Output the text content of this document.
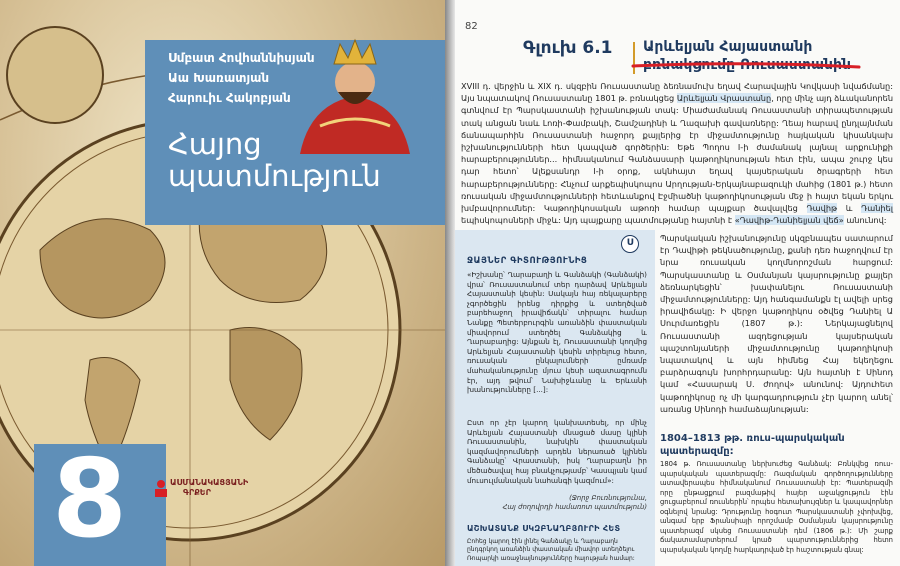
Սմբատ Հովհաննիսյան
Աա Խառատյան
Հարուիւ Հակոբյան
Հայոց
պատմություն
8	ԱՍՄԱՆԱԿԱՑՅԱՆԻ ԳՐՔԵՐ
82
Գլուխ 6.1 Արևելյան Հայաստանի
բռնակցումը Ռուսաստանին
XVIII դ. վերջին և XIX դ. սկզբին Ռուսաստանը ձեռնամուխ եղավ Հարավային Կովկասի նվաճմանը: Այս նպատակով Ռուսաստանը 1801 թ. բռնակցեց Արևելյան Վրաստանը, որը մինչ այդ ձևականորեն գտնվում էր Պարսկաստանի իշխանության տակ: Միաժամանակ Ռուսաստանի տիրապետության տակ անցան նաև Լոռի-Փամբակի, Շամշադինի և Ղազախի գավառները: Ղեայ հարավ ընդլայնման ճանապարհին Ռուսաստանի հաջորդ քայլերից էր միջամտությունը հայկական կիսանկախ իշխանությունների հետ կապված գործերին: Եթե Պողոս I-ի ժամանակ լայնալ արքունիքի հարաբերություններ... հիմնականում Գանձասարի կաթողիկոսության հետ էին, ապա շուրջ կես դար հետո՝ Ալեքսանդր I-ի օրոք, ակնհայտ եղավ կայսերական ծրագրերի հետ հարաբերությունները: Հնչում արքեպիսկոպոս Արղության-Երկայնաբազուկի մահից (1801 թ.) հետո ռուսական միջամտությունների հետևանքով Էջմիածնի կաթողիկոսության մեջ ի հայտ եկան երկու խմբավորումներ: Կաթողիկոսական աթոռի համար պայքար ծավալվեց Դավիթ և Դանիել եպիսկոպոսների միջև: Այդ պայքարը պատմությանը հայտնի է «Դավիթ-Դանիելյան վեճ» անունով:
Ս
ՋԱՅՆԵՐ ԳԻՏՈՒԹՅՈՒՆԻՑ
«Իշխանը՝ Ղարաբաղի և Գանձակի (Գանձակի) վրա՝ Ռուսաստանում տեր դարձավ Արևելյան Հայաստանի կեսին: Սակայն հայ ռեկալարերը չգործեցին իրենց դիրքից և ստեղծված բարեհաջող իրավիճակն՝ տիրալու համար Նանքը Պետերբուրգին առանձին փաստական միավորում ստեղծել Գանձակից և Ղարաբաղից: Այնքան էլ, Ռուսաստանի կողմից Արևելյան Հայաստանի կեսին տիրելուց հետո, ռուսական ընկալումների ըմռամբ մահականությունը մյուս կեսի ազատագրումն էր, այդ թվում՝ Նախիջևանը և Երևանի խանությունները [...]:
Ըստ որ չէր կարող կանխատեսել, որ մինչ Արևելյան Հայաստանի մնացած մասը կլինի Ռուսաստանին, նախկին փաստական կազմավորումների արդեն ներառած կլինեն Գանձակը՝ Վրաստանի, իսկ Ղարաբաղն իր մեծածավալ հայ բնակչությամբ՝ Կասպյան կամ մուսուլմանական նահանգի կազմում»:
(Ջորջ Բուռնությունա,
Հայ ժողովրդի համառոտ պատմություն)
ԱՇԽԱՏԱՆՔ ՍԿԶԲՆԱՂԲՅՈՒՐԻ ՀԵՏ
Ըոհեց կարող էին լինել Գանձակը և Ղարաբաղն ընդգրկող առանձին փաստական միավոր ստեղծելու Ռոպարկի առաջնայնությունները հայության համար:
Պարսկական իշխանությունը սկզբնապես սատարում էր Դավիթի թեկնածությունը, քանի դեռ հաջողվում էր նրա ռուսական կողմնորոշման հարցում: Պարսկաստանը և Օսմանյան կայսրությունը քայլեր ձեռնարկեցին՝ խափանելու Ռուսաստանի միջամտությունները: Այդ հանգամանքն էլ ավելի սրեց իրավիճակը: Ի վերջո կաթողիկոս օծվեց Դանիել Ա Սուրմառեցին (1807 թ.): Ներկայացնելով Ռուսաստանի ազդեցության կայսերական պաշտոնյաների միջամտությունը կաթողիկոսի նպատակով և այն հիմնեց Հայ եկեղեցու բարձրագույն խորհրդարանը: Այն հայտնի է Սինոդ կամ «Հասարակ Ս. ժողով» անունով: Այդուհետ կաթողիկոսը ոչ մի կարգադրություն չէր կարող անել՝ առանց Սինոդի համաձայնության:
1804–1813 թթ. ռուս-պարսկական պատերազմը:
1804 թ. Ռուսաստանը ներխուժեց Գանձակ: Բռնկվեց ռուս-պարսկական պատերազմը: Ռազմական գործողությունները ատավերապես հիմնականում Ռուսաստանի էր: Պատերազմի որը ընթացքում բազմաթիվ հայեր աջակցություն էին ցուցաբերում ռուսներին՝ որպես հետախույզներ և կապավորներ օգնելով նրանց: Դրությունը հօգուտ Պարսկաստանի չփոխվեց, անգամ երբ Ֆրանսիայի որոշմամբ Օսմանյան կայսրությունը պատերազմ սկսեց Ռուսաստանի դեմ (1806 թ.): Մի շարք ճակատամարտերում կրած պարտություններից հետո պարսկական կողմը հարկադրված էր հաշտության գնալ:
